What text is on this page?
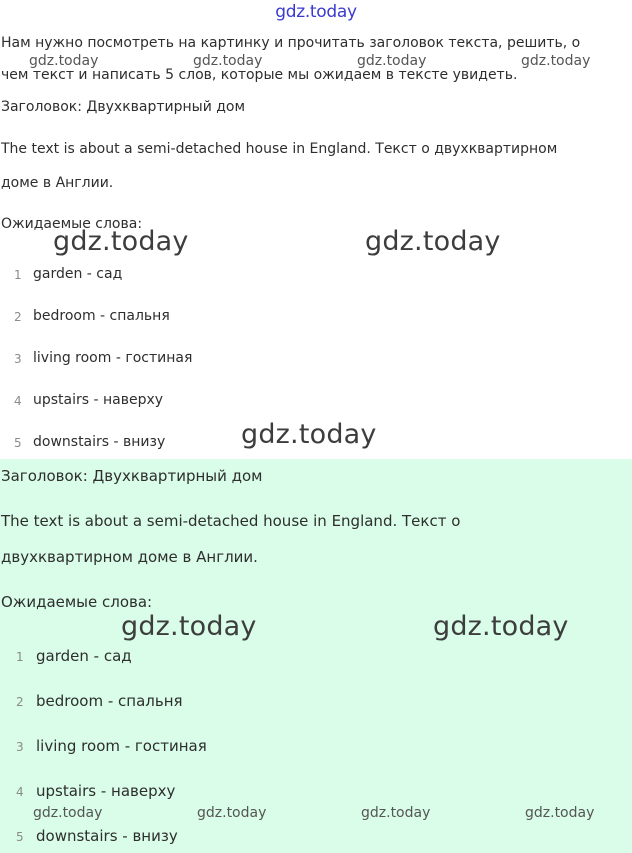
gdz.today
Нам нужно посмотреть на картинку и прочитать заголовок текста, решить, о
gdz.today	gdz.today	gdz.today	gdz.today
чем текст и написать 5 слов, которые мы ожидаем в тексте увидеть.
Заголовок: Двухквартирный дом
The text is about a semi-detached house in England. Текст о двухквартирном
доме в Англии.
Ожидаемые слова:
gdz.today	gdz.today
1 garden - сад
2 bedroom - спальня
3 living room - гостиная
4 upstairs - наверху
5 downstairs - внизу	gdz.today
Заголовок: Двухквартирный дом
The text is about a semi-detached house in England. Текст о
двухквартирном доме в Англии.
Ожидаемые слова:
gdz.today	gdz.today
1 garden - сад
2 bedroom - спальня
3 living room - гостиная
4 upstairs - наверху
5 downstairs - внизу
gdz.today	gdz.today	gdz.today	gdz.today
